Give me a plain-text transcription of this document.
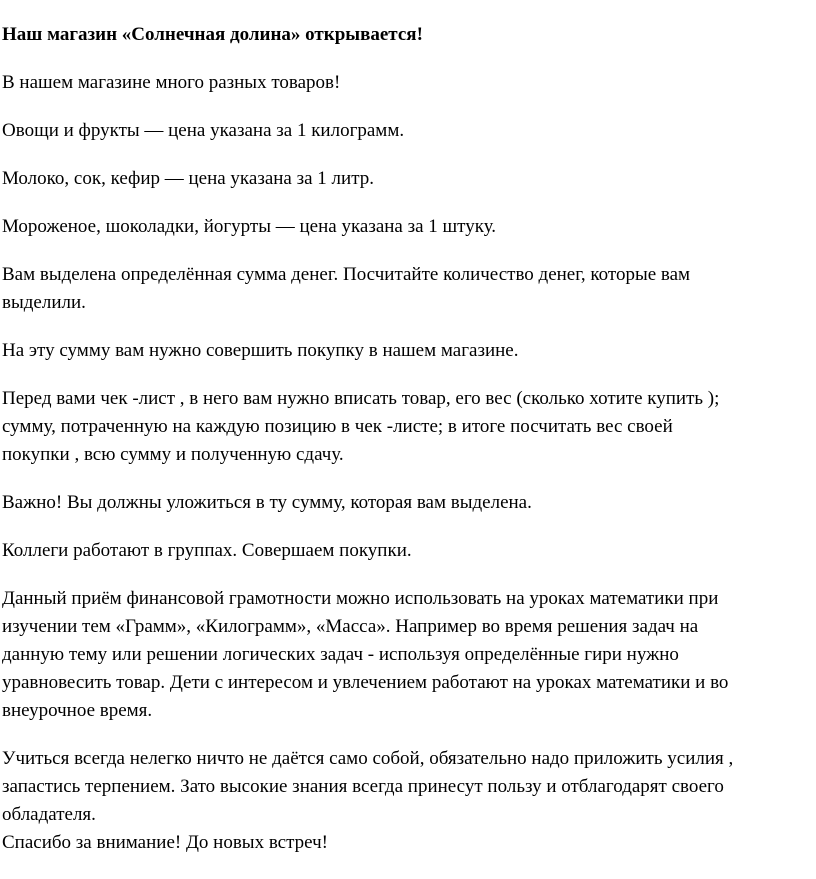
Наш магазин «Солнечная долина» открывается!

В нашем магазине много разных товаров!

Овощи и фрукты — цена указана за 1 килограмм.

Молоко, сок, кефир — цена указана за 1 литр.

Мороженое, шоколадки, йогурты — цена указана за 1 штуку.

Вам выделена определённая сумма денег. Посчитайте количество денег, которые вам
выделили.

На эту сумму вам нужно совершить покупку в нашем магазине.

Перед вами чек -лист , в него вам нужно вписать товар, его вес (сколько хотите купить );
сумму, потраченную на каждую позицию в чек -листе; в итоге посчитать вес своей
покупки , всю сумму и полученную сдачу.

Важно! Вы должны уложиться в ту сумму, которая вам выделена.

Коллеги работают в группах. Совершаем покупки.

Данный приём финансовой грамотности можно использовать на уроках математики при
изучении тем «Грамм», «Килограмм», «Масса». Например во время решения задач на
данную тему или решении логических задач - используя определённые гири нужно
уравновесить товар. Дети с интересом и увлечением работают на уроках математики и во
внеурочное время.

Учиться всегда нелегко ничто не даётся само собой, обязательно надо приложить усилия ,
запастись терпением. Зато высокие знания всегда принесут пользу и отблагодарят своего
обладателя.
Спасибо за внимание! До новых встреч!
